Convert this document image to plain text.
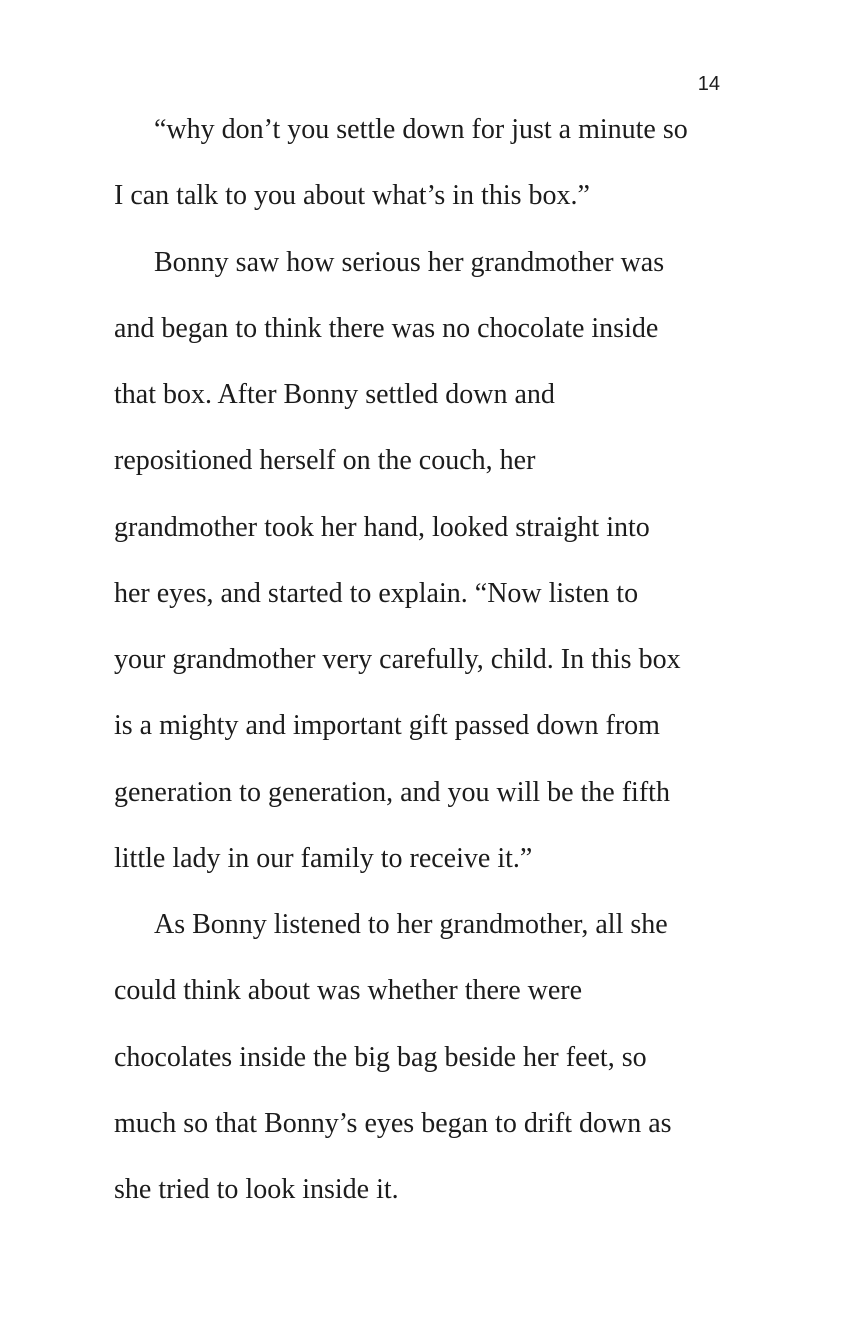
14
“why don’t you settle down for just a minute so
I can talk to you about what’s in this box.”
Bonny saw how serious her grandmother was
and began to think there was no chocolate inside
that box. After Bonny settled down and
repositioned herself on the couch, her
grandmother took her hand, looked straight into
her eyes, and started to explain. “Now listen to
your grandmother very carefully, child. In this box
is a mighty and important gift passed down from
generation to generation, and you will be the fifth
little lady in our family to receive it.”
As Bonny listened to her grandmother, all she
could think about was whether there were
chocolates inside the big bag beside her feet, so
much so that Bonny’s eyes began to drift down as
she tried to look inside it.
